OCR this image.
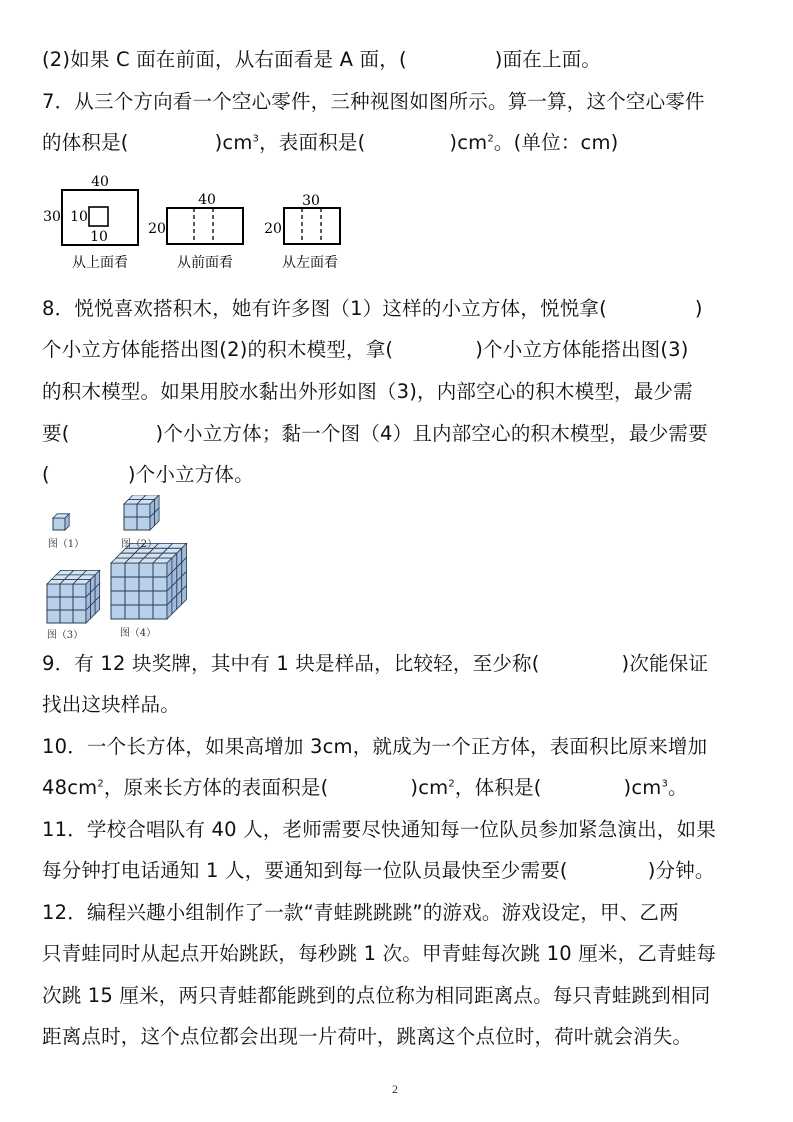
(2)如果 C 面在前面，从右面看是 A 面，(	)面在上面。
7．从三个方向看一个空心零件，三种视图如图所示。算一算，这个空心零件
的体积是(	)$cm^3$，表面积是(	)$cm^2$。(单位：cm)
40
30 10
10
从上面看
40
20
从前面看
30
20
从左面看
8．悦悦喜欢搭积木，她有许多图（1）这样的小立方体，悦悦拿(	)
个小立方体能搭出图(2)的积木模型，拿(	)个小立方体能搭出图(3)
的积木模型。如果用胶水黏出外形如图（3)，内部空心的积木模型，最少需
要(	)个小立方体；黏一个图（4）且内部空心的积木模型，最少需要
(	)个小立方体。
图（1）	图（2）
图（3）	图（4）
9．有 12 块奖牌，其中有 1 块是样品，比较轻，至少称(	)次能保证
找出这块样品。
10．一个长方体，如果高增加 3cm，就成为一个正方体，表面积比原来增加
$48cm^2$，原来长方体的表面积是(	)$cm^2$，体积是(	)$cm^3$。
11．学校合唱队有 40 人，老师需要尽快通知每一位队员参加紧急演出，如果
每分钟打电话通知 1 人，要通知到每一位队员最快至少需要(	)分钟。
12．编程兴趣小组制作了一款“青蛙跳跳跳”的游戏。游戏设定，甲、乙两
只青蛙同时从起点开始跳跃，每秒跳 1 次。甲青蛙每次跳 10 厘米，乙青蛙每
次跳 15 厘米，两只青蛙都能跳到的点位称为相同距离点。每只青蛙跳到相同
距离点时，这个点位都会出现一片荷叶，跳离这个点位时，荷叶就会消失。
2
